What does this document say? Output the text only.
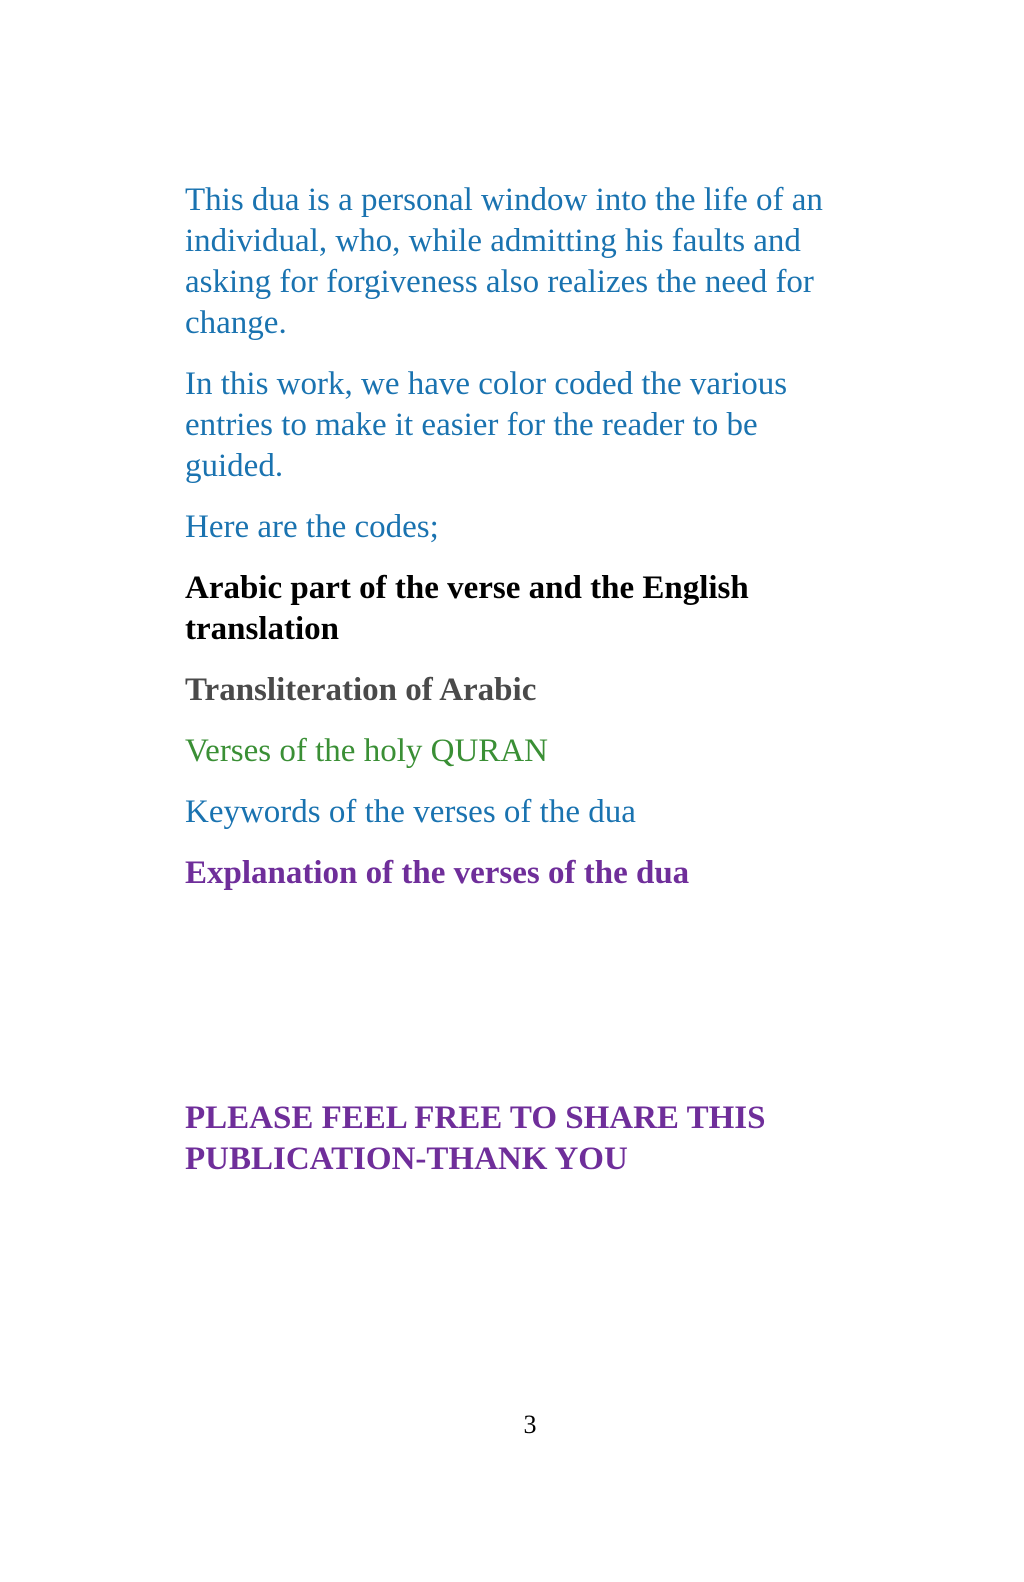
This dua is a personal window into the life of an individual, who, while admitting his faults and asking for forgiveness also realizes the need for change.

In this work, we have color coded the various entries to make it easier for the reader to be guided.

Here are the codes;

Arabic part of the verse and the English translation

Transliteration of Arabic

Verses of the holy QURAN

Keywords of the verses of the dua

Explanation of the verses of the dua

PLEASE FEEL FREE TO SHARE THIS PUBLICATION-THANK YOU

3
